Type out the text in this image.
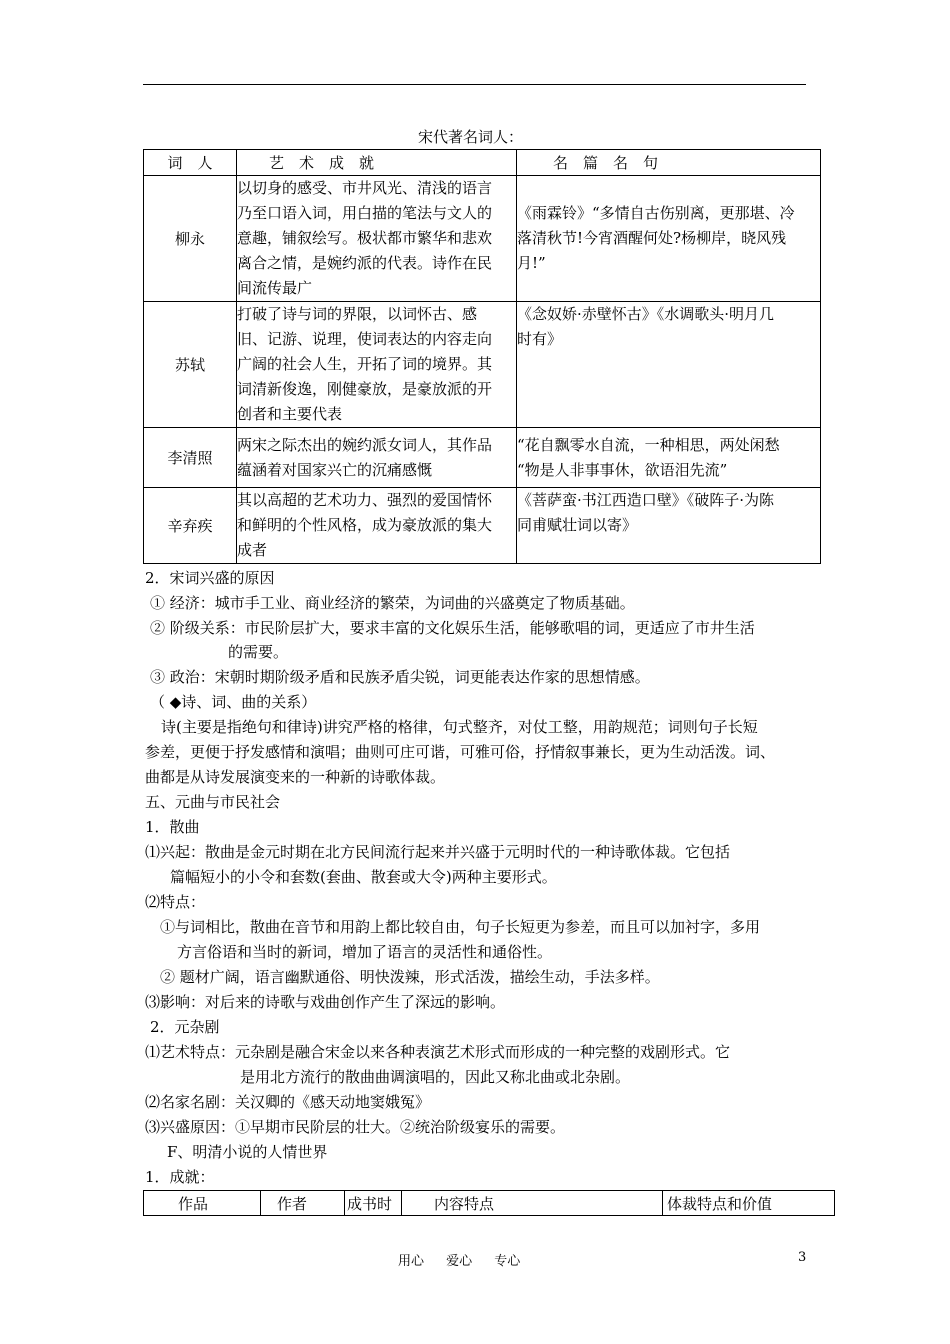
宋代著名词人：
词　人	艺　术　成　就	名　篇　名　句
柳永	以切身的感受、市井风光、清浅的语言
乃至口语入词，用白描的笔法与文人的
意趣，铺叙绘写。极状都市繁华和悲欢
离合之情，是婉约派的代表。诗作在民
间流传最广	《雨霖铃》“多情自古伤别离，更那堪、冷
落清秋节!今宵酒醒何处?杨柳岸，晓风残
月!”
苏轼	打破了诗与词的界限，以词怀古、感
旧、记游、说理，使词表达的内容走向
广阔的社会人生，开拓了词的境界。其
词清新俊逸，刚健豪放，是豪放派的开
创者和主要代表	《念奴娇·赤壁怀古》《水调歌头·明月几
时有》
李清照	两宋之际杰出的婉约派女词人，其作品
蕴涵着对国家兴亡的沉痛感慨	“花自飘零水自流，一种相思，两处闲愁
“物是人非事事休，欲语泪先流”
辛弃疾	其以高超的艺术功力、强烈的爱国情怀
和鲜明的个性风格，成为豪放派的集大
成者	《菩萨蛮·书江西造口壁》《破阵子·为陈
同甫赋壮词以寄》
2．宋词兴盛的原因
① 经济：城市手工业、商业经济的繁荣，为词曲的兴盛奠定了物质基础。
② 阶级关系：市民阶层扩大，要求丰富的文化娱乐生活，能够歌唱的词，更适应了市井生活
的需要。
③ 政治：宋朝时期阶级矛盾和民族矛盾尖锐，词更能表达作家的思想情感。
（ ◆诗、词、曲的关系）
诗(主要是指绝句和律诗)讲究严格的格律，句式整齐，对仗工整，用韵规范；词则句子长短
参差，更便于抒发感情和演唱；曲则可庄可谐，可雅可俗，抒情叙事兼长，更为生动活泼。词、
曲都是从诗发展演变来的一种新的诗歌体裁。
五、元曲与市民社会
1．散曲
⑴兴起：散曲是金元时期在北方民间流行起来并兴盛于元明时代的一种诗歌体裁。它包括
篇幅短小的小令和套数(套曲、散套或大令)两种主要形式。
⑵特点：
①与词相比，散曲在音节和用韵上都比较自由，句子长短更为参差，而且可以加衬字，多用
方言俗语和当时的新词，增加了语言的灵活性和通俗性。
② 题材广阔，语言幽默通俗、明快泼辣，形式活泼，描绘生动，手法多样。
⑶影响：对后来的诗歌与戏曲创作产生了深远的影响。
2．元杂剧
⑴艺术特点：元杂剧是融合宋金以来各种表演艺术形式而形成的一种完整的戏剧形式。它
是用北方流行的散曲曲调演唱的，因此又称北曲或北杂剧。
⑵名家名剧：关汉卿的《感天动地窦娥冤》
⑶兴盛原因：①早期市民阶层的壮大。②统治阶级宴乐的需要。
F、明清小说的人情世界
1．成就：
作品	作者	成书时	内容特点	体裁特点和价值
用心 爱心 专心	3
